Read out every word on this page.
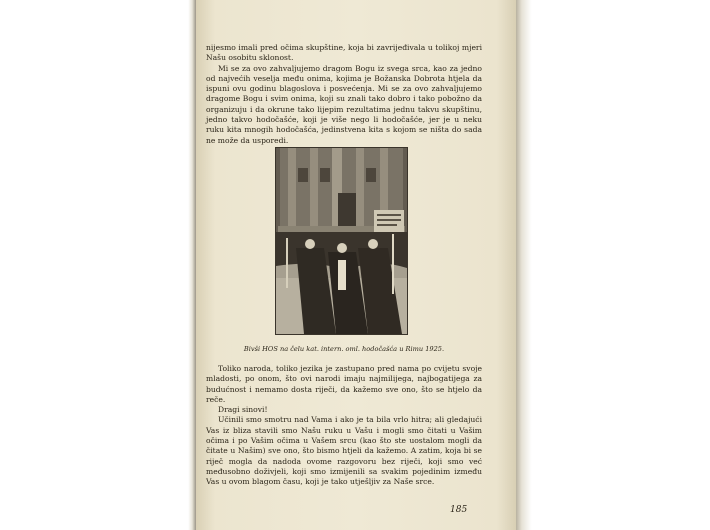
nijesmo imali pred očima skupštine, koja bi zavrijeđivala u tolikoj mjeri Našu osobitu sklonost.

Mi se za ovo zahvaljujemo dragom Bogu iz svega srca, kao za jedno od najvećih veselja među onima, kojima je Božanska Dobrota htjela da ispuni ovu godinu blagoslova i posvećenja. Mi se za ovo zahvaljujemo dragome Bogu i svim onima, koji su znali tako dobro i tako pobožno da organizuju i da okrune tako lijepim rezultatima jednu takvu skupštinu, jedno takvo hodočašće, koji je više nego li hodočašće, jer je u neku ruku kita mnogih hodočašća, jedinstvena kita s kojom se ništa do sada ne može da usporedi.

Bivši HOS na čelu kat. intern. oml. hodočašća u Rimu 1925.

Toliko naroda, toliko jezika je zastupano pred nama po cvijetu svoje mladosti, po onom, što ovi narodi imaju najmilijega, najbogatijega za budućnost i nemamo dosta riječi, da kažemo sve ono, što se htjelo da reče.

Dragi sinovi!

Učinili smo smotru nad Vama i ako je ta bila vrlo hitra; ali gledajući Vas iz bliza stavili smo Našu ruku u Vašu i mogli smo čitati u Vašim očima i po Vašim očima u Vašem srcu (kao što ste uostalom mogli da čitate u Našim) sve ono, što bismo htjeli da kažemo. A zatim, koja bi se riječ mogla da nadoda ovome razgovoru bez riječi, koji smo već međusobno doživjeli, koji smo izmijenili sa svakim pojedinim između Vas u ovom blagom času, koji je tako utješljiv za Naše srce.

185
